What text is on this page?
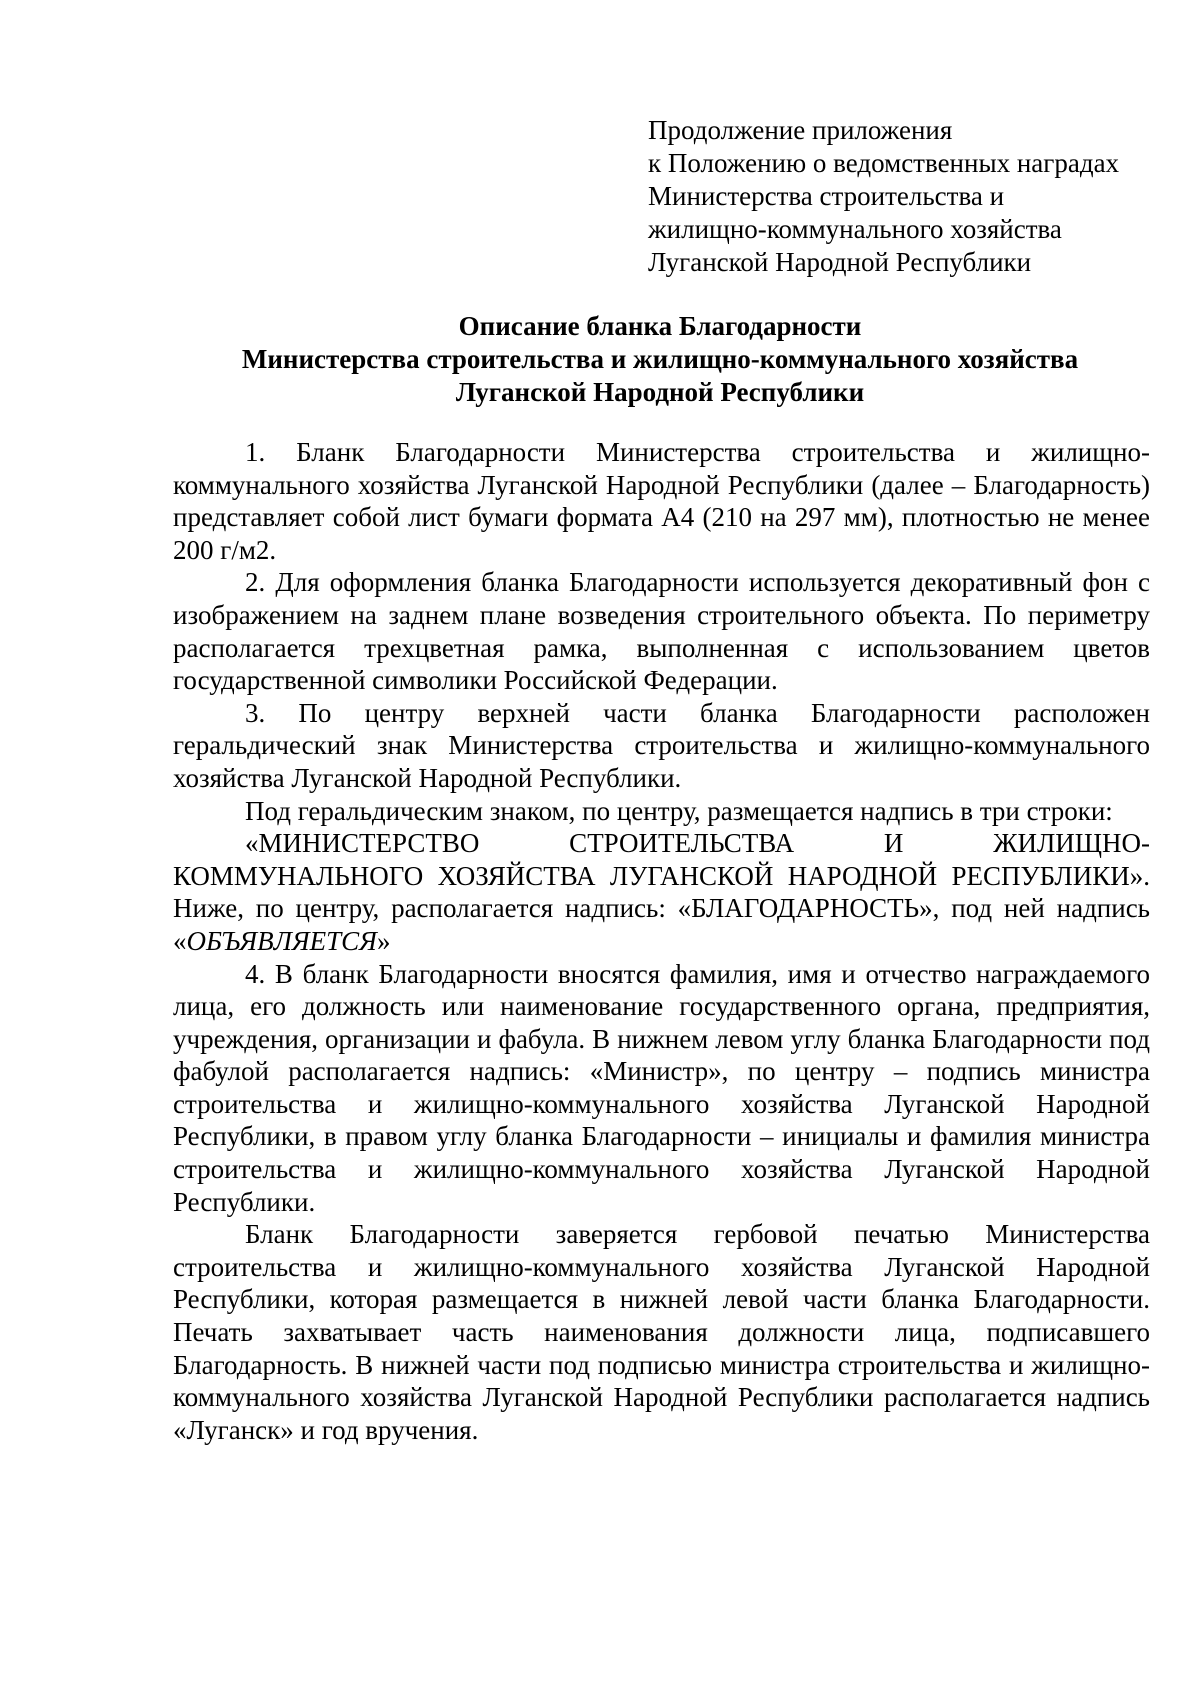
Продолжение приложения
к Положению о ведомственных наградах
Министерства строительства и
жилищно-коммунального хозяйства
Луганской Народной Республики
Описание бланка Благодарности
Министерства строительства и жилищно-коммунального хозяйства
Луганской Народной Республики

1. Бланк Благодарности Министерства строительства и жилищно-коммунального хозяйства Луганской Народной Республики (далее – Благодарность) представляет собой лист бумаги формата А4 (210 на 297 мм), плотностью не менее 200 г/м2.

2. Для оформления бланка Благодарности используется декоративный фон с изображением на заднем плане возведения строительного объекта. По периметру располагается трехцветная рамка, выполненная с использованием цветов государственной символики Российской Федерации.

3. По центру верхней части бланка Благодарности расположен геральдический знак Министерства строительства и жилищно-коммунального хозяйства Луганской Народной Республики.

Под геральдическим знаком, по центру, размещается надпись в три строки:

«МИНИСТЕРСТВО СТРОИТЕЛЬСТВА И ЖИЛИЩНО-КОММУНАЛЬНОГО ХОЗЯЙСТВА ЛУГАНСКОЙ НАРОДНОЙ РЕСПУБЛИКИ». Ниже, по центру, располагается надпись: «БЛАГОДАРНОСТЬ», под ней надпись «ОБЪЯВЛЯЕТСЯ»

4. В бланк Благодарности вносятся фамилия, имя и отчество награждаемого лица, его должность или наименование государственного органа, предприятия, учреждения, организации и фабула. В нижнем левом углу бланка Благодарности под фабулой располагается надпись: «Министр», по центру – подпись министра строительства и жилищно-коммунального хозяйства Луганской Народной Республики, в правом углу бланка Благодарности – инициалы и фамилия министра строительства и жилищно-коммунального хозяйства Луганской Народной Республики.

Бланк Благодарности заверяется гербовой печатью Министерства строительства и жилищно-коммунального хозяйства Луганской Народной Республики, которая размещается в нижней левой части бланка Благодарности. Печать захватывает часть наименования должности лица, подписавшего Благодарность. В нижней части под подписью министра строительства и жилищно-коммунального хозяйства Луганской Народной Республики располагается надпись «Луганск» и год вручения.
